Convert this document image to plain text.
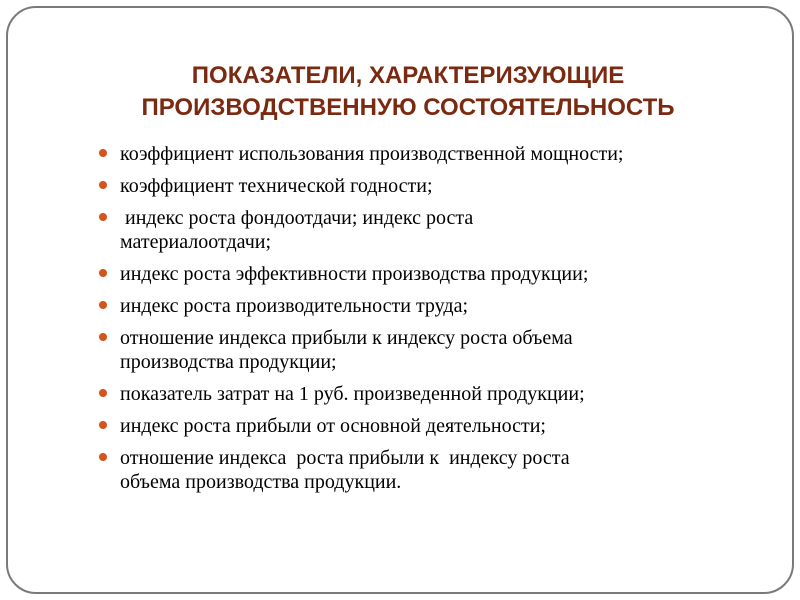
ПОКАЗАТЕЛИ, ХАРАКТЕРИЗУЮЩИЕ
ПРОИЗВОДСТВЕННУЮ СОСТОЯТЕЛЬНОСТЬ
коэффициент использования производственной мощности;
коэффициент технической годности;
индекс роста фондоотдачи; индекс роста
материалоотдачи;
индекс роста эффективности производства продукции;
индекс роста производительности труда;
отношение индекса прибыли к индексу роста объема
производства продукции;
показатель затрат на 1 руб. произведенной продукции;
индекс роста прибыли от основной деятельности;
отношение индекса  роста прибыли к  индексу роста
объема производства продукции.
